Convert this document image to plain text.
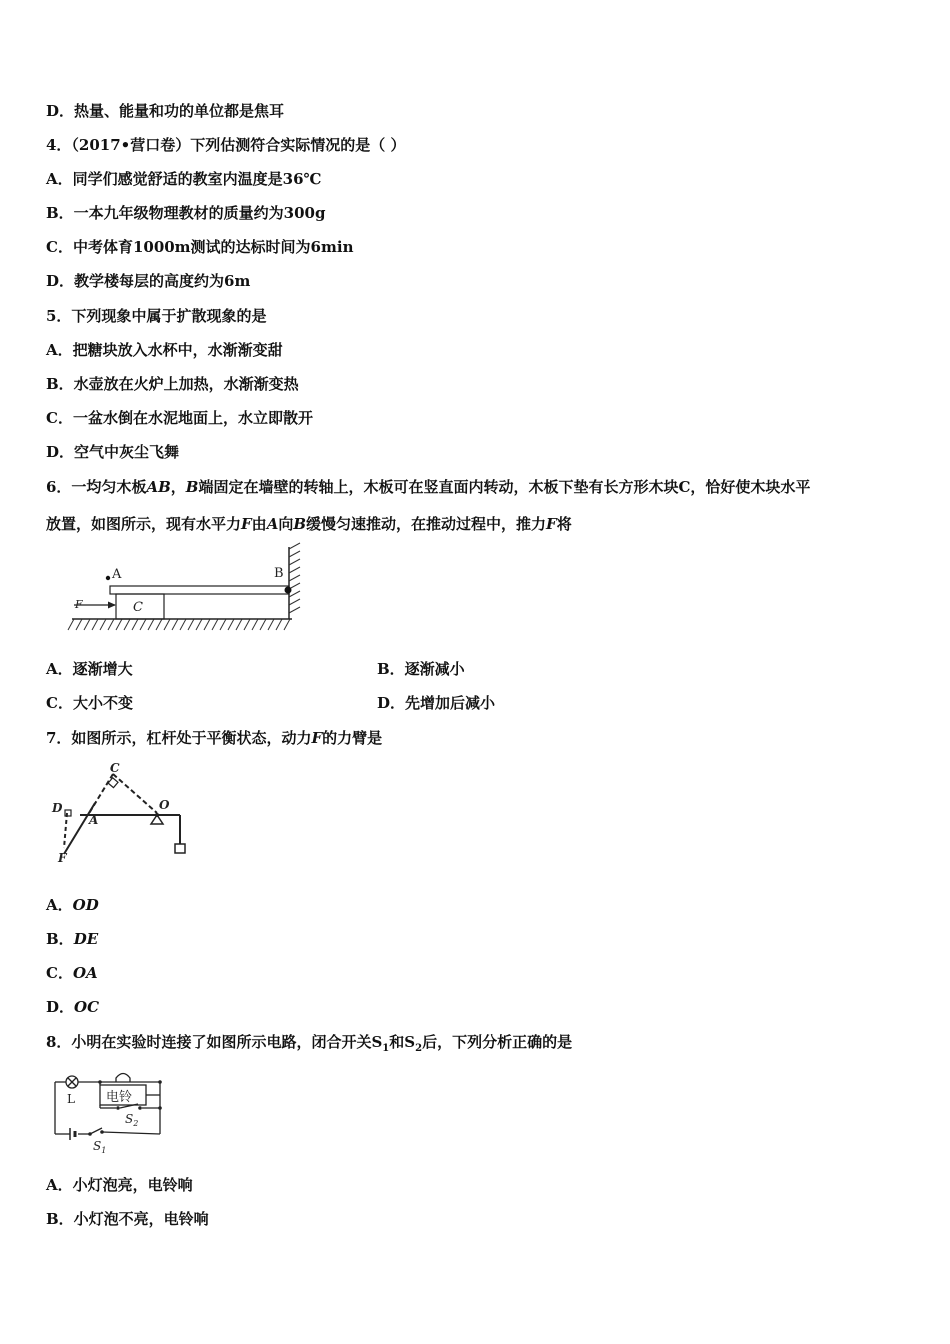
D．热量、能量和功的单位都是焦耳
4．（2017•营口卷）下列估测符合实际情况的是（ ）
A．同学们感觉舒适的教室内温度是36℃
B．一本九年级物理教材的质量约为300g
C．中考体育1000m测试的达标时间为6min
D．教学楼每层的高度约为6m
5．下列现象中属于扩散现象的是
A．把糖块放入水杯中，水渐渐变甜
B．水壶放在火炉上加热，水渐渐变热
C．一盆水倒在水泥地面上，水立即散开
D．空气中灰尘飞舞
6．一均匀木板AB，B端固定在墙壁的转轴上，木板可在竖直面内转动，木板下垫有长方形木块C，恰好使木块水平
放置，如图所示，现有水平力F由A向B缓慢匀速推动，在推动过程中，推力F将
A	B
C
F
A．逐渐增大	B．逐渐减小
C．大小不变	D．先增加后减小
7．如图所示，杠杆处于平衡状态，动力F的力臂是
C
D
A
O
F
A．OD
B．DE
C．OA
D．OC
8．小明在实验时连接了如图所示电路，闭合开关$S_1$和$S_2$后，下列分析正确的是
L 电铃
$S_2$
$S_1$
A．小灯泡亮，电铃响
B．小灯泡不亮，电铃响
